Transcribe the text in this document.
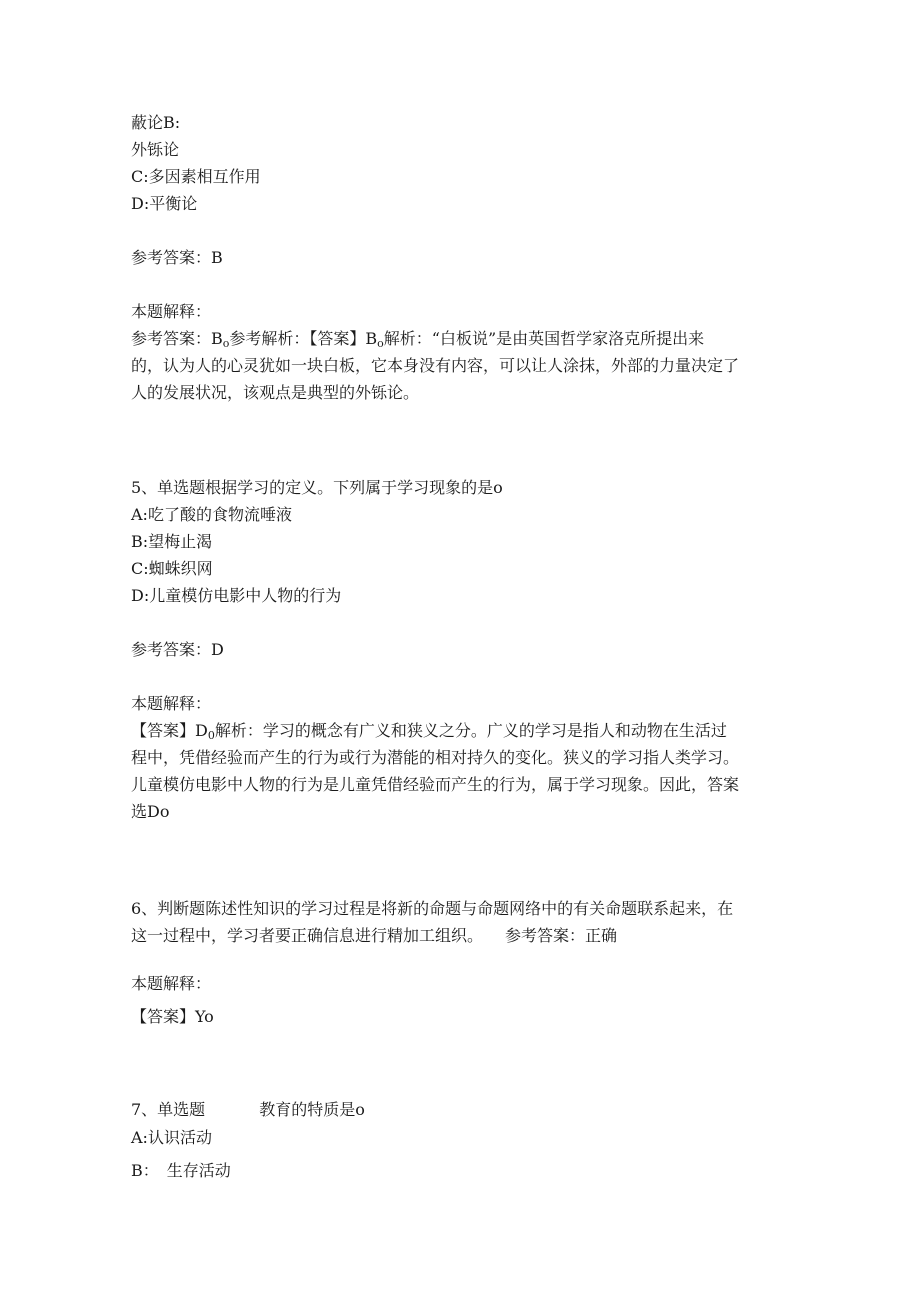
蔽论B:

外铄论

C:多因素相互作用

D:平衡论

参考答案：B

本题解释：

参考答案：$B_o$参考解析：【答案】$B_o$解析：“白板说”是由英国哲学家洛克所提出来

的，认为人的心灵犹如一块白板，它本身没有内容，可以让人涂抹，外部的力量决定了

人的发展状况，该观点是典型的外铄论。

5、单选题根据学习的定义。下列属于学习现象的是o

A:吃了酸的食物流唾液

B:望梅止渴

C:蜘蛛织网

D:儿童模仿电影中人物的行为

参考答案：D

本题解释：

【答案】$D_0$解析：学习的概念有广义和狭义之分。广义的学习是指人和动物在生活过

程中，凭借经验而产生的行为或行为潜能的相对持久的变化。狭义的学习指人类学习。

儿童模仿电影中人物的行为是儿童凭借经验而产生的行为，属于学习现象。因此，答案

选Do

6、判断题陈述性知识的学习过程是将新的命题与命题网络中的有关命题联系起来，在

这一过程中，学习者要正确信息进行精加工组织。 参考答案：正确

本题解释：

【答案】Yo

7、单选题	教育的特质是o

A:认识活动

B： 生存活动
